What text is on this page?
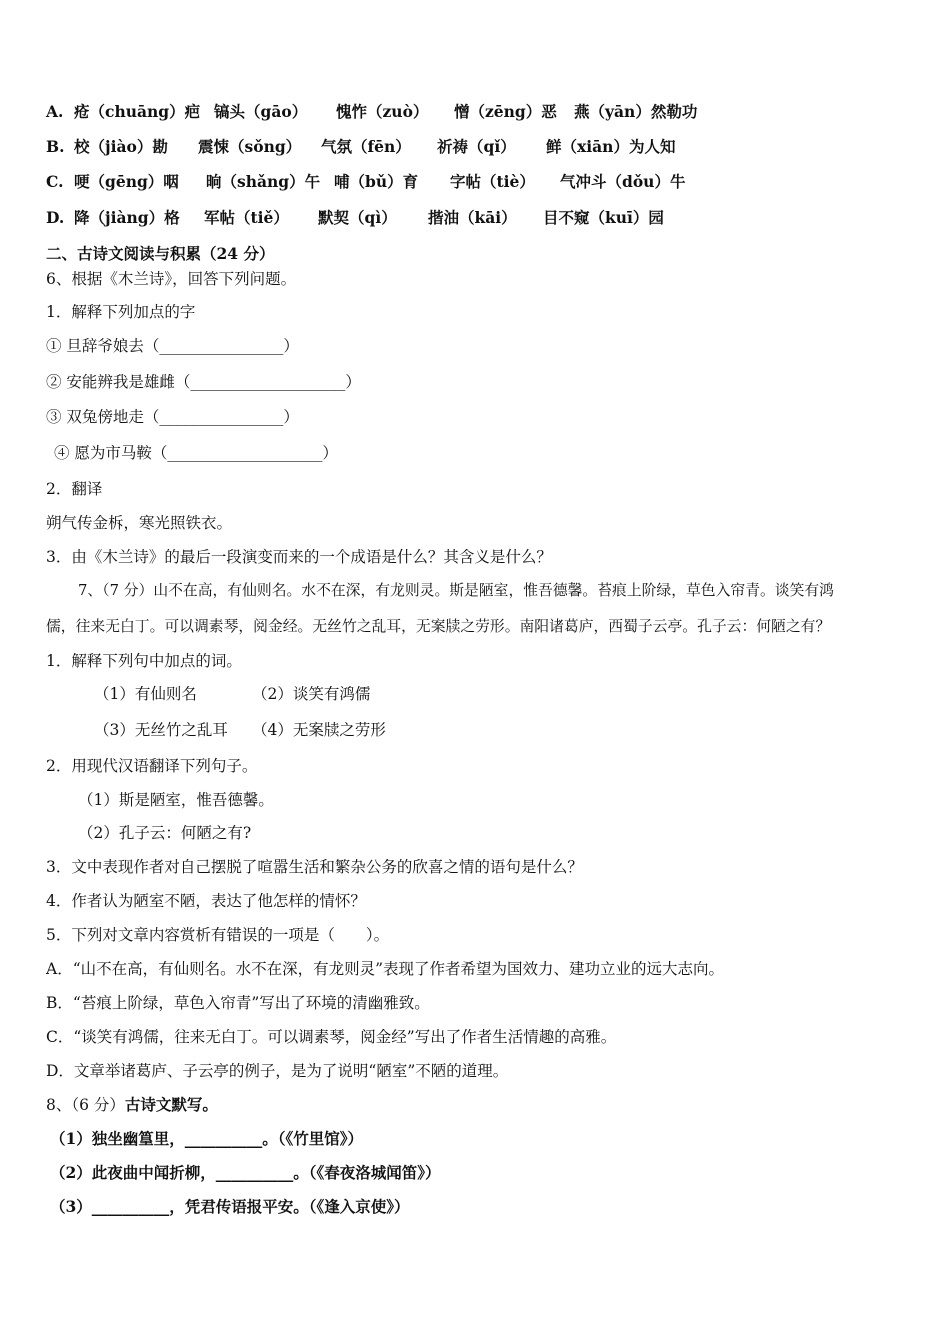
A. 疮（chuāng）疤 镐头（gāo） 愧怍（zuò） 憎（zēng）恶 燕（yān）然勒功
B. 校（jiào）勘 震悚（sǒng） 气氛（fēn） 祈祷（qǐ） 鲜（xiān）为人知
C. 哽（gēng）咽 晌（shǎng）午 哺（bǔ）育 字帖（tiè） 气冲斗（dǒu）牛
D. 降（jiàng）格 军帖（tiě） 默契（qì） 揩油（kāi） 目不窥（kuī）园
二、古诗文阅读与积累（24 分）
6、根据《木兰诗》，回答下列问题。
1．解释下列加点的字
① 旦辞爷娘去（________________）
② 安能辨我是雄雌（____________________）
③ 双兔傍地走（________________）
④ 愿为市马鞍（____________________）
2．翻译
朔气传金柝，寒光照铁衣。
3．由《木兰诗》的最后一段演变而来的一个成语是什么？其含义是什么？
7、（7 分）山不在高，有仙则名。水不在深，有龙则灵。斯是陋室，惟吾德馨。苔痕上阶绿，草色入帘青。谈笑有鸿
儒，往来无白丁。可以调素琴，阅金经。无丝竹之乱耳，无案牍之劳形。南阳诸葛庐，西蜀子云亭。孔子云：何陋之有？
1．解释下列句中加点的词。
（1）有仙则名	（2）谈笑有鸿儒
（3）无丝竹之乱耳 （4）无案牍之劳形
2．用现代汉语翻译下列句子。
（1）斯是陋室，惟吾德馨。
（2）孔子云：何陋之有?
3．文中表现作者对自己摆脱了喧嚣生活和繁杂公务的欣喜之情的语句是什么？
4．作者认为陋室不陋，表达了他怎样的情怀？
5．下列对文章内容赏析有错误的一项是（　　）。
A．“山不在高，有仙则名。水不在深，有龙则灵”表现了作者希望为国效力、建功立业的远大志向。
B．“苔痕上阶绿，草色入帘青”写出了环境的清幽雅致。
C．“谈笑有鸿儒，往来无白丁。可以调素琴，阅金经”写出了作者生活情趣的高雅。
D．文章举诸葛庐、子云亭的例子，是为了说明“陋室”不陋的道理。
8、（6 分）古诗文默写。
（1）独坐幽篁里，__________。（《竹里馆》）
（2）此夜曲中闻折柳，__________。（《春夜洛城闻笛》）
（3）__________，凭君传语报平安。（《逢入京使》）
